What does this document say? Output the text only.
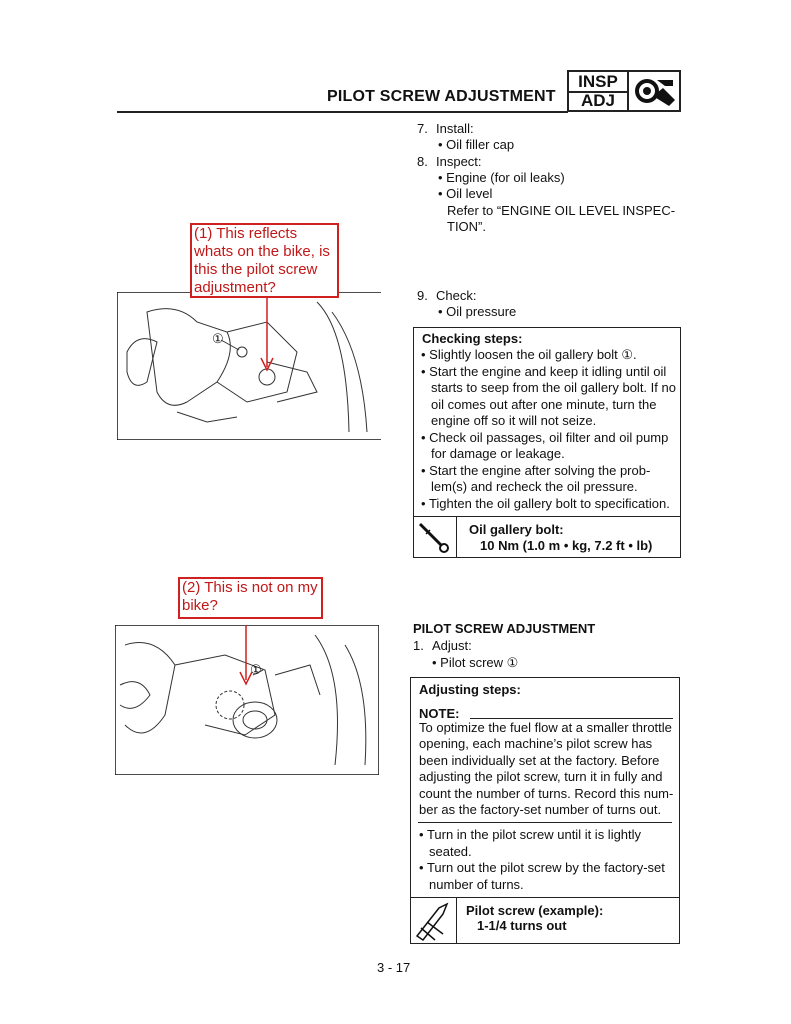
PILOT SCREW ADJUSTMENT
INSP
ADJ
①
(1) This reflects whats on the bike, is this the pilot screw adjustment?
7. Install:
• Oil filler cap
8. Inspect:
• Engine (for oil leaks)
• Oil level
Refer to “ENGINE OIL LEVEL INSPEC-
TION”.
9. Check:
• Oil pressure
Checking steps:
• Slightly loosen the oil gallery bolt ①.
• Start the engine and keep it idling until oil
starts to seep from the oil gallery bolt. If no
oil comes out after one minute, turn the
engine off so it will not seize.
• Check oil passages, oil filter and oil pump
for damage or leakage.
• Start the engine after solving the prob-
lem(s) and recheck the oil pressure.
• Tighten the oil gallery bolt to specification.
Oil gallery bolt:
10 Nm (1.0 m • kg, 7.2 ft • lb)
(2) This is not on my bike?
①
PILOT SCREW ADJUSTMENT
1. Adjust:
• Pilot screw ①
Adjusting steps:
NOTE:
To optimize the fuel flow at a smaller throttle
opening, each machine’s pilot screw has
been individually set at the factory. Before
adjusting the pilot screw, turn it in fully and
count the number of turns. Record this num-
ber as the factory-set number of turns out.
• Turn in the pilot screw until it is lightly
seated.
• Turn out the pilot screw by the factory-set
number of turns.
Pilot screw (example):
1-1/4 turns out
3 - 17
